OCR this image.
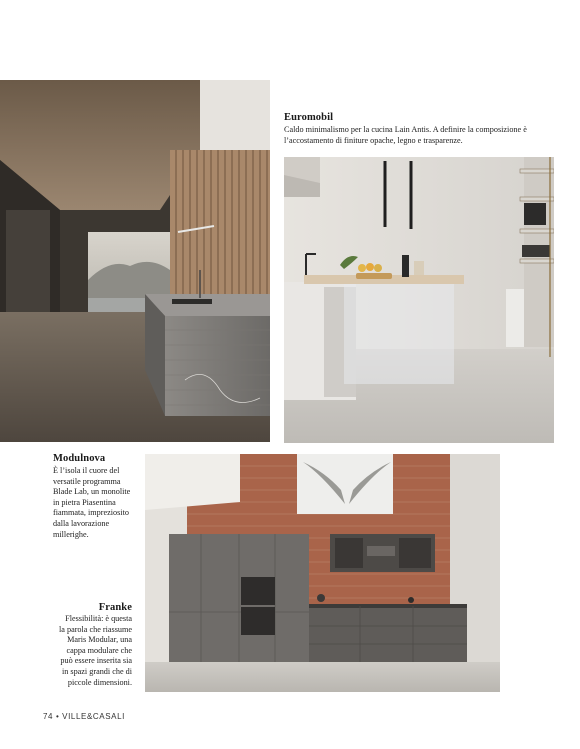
Euromobil
Caldo minimalismo per la cucina Lain Antis. A definire la composizione è l’accostamento di finiture opache, legno e trasparenze.
Modulnova
È l’isola il cuore del
versatile programma
Blade Lab, un monolite
in pietra Piasentina
fiammata, impreziosito
dalla lavorazione
millerighe.
Franke
Flessibilità: è questa
la parola che riassume
Maris Modular, una
cappa modulare che
può essere inserita sia
in spazi grandi che di
piccole dimensioni.
74 • VILLE&CASALI
